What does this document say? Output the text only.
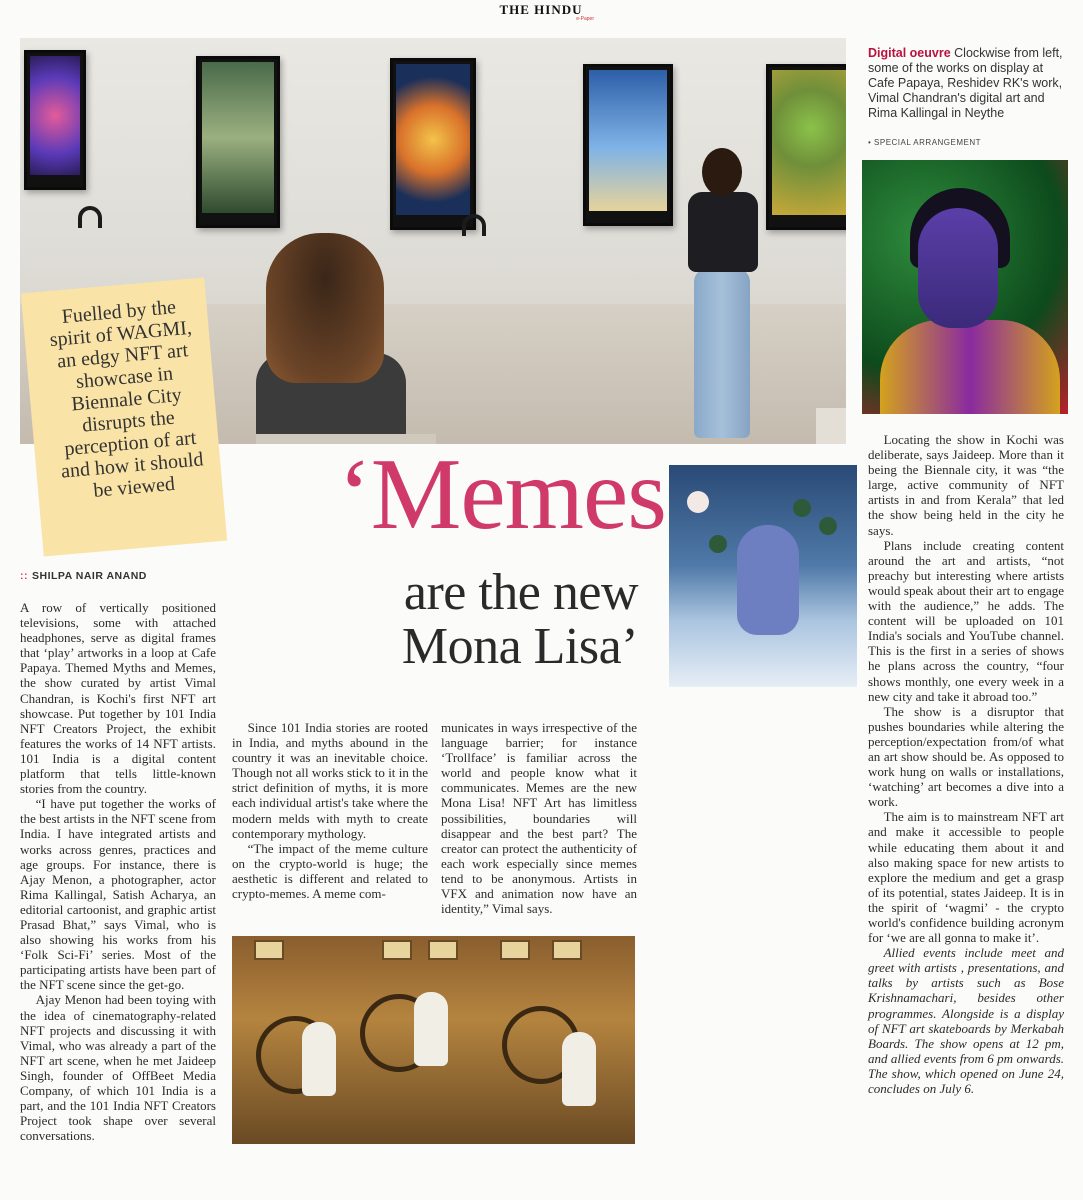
THE HINDU
e-Paper
Digital oeuvre Clockwise from left, some of the works on display at Cafe Papaya, Reshidev RK's work, Vimal Chandran's digital art and Rima Kallingal in Neythe
• SPECIAL ARRANGEMENT
Fuelled by the spirit of WAGMI, an edgy NFT art showcase in Biennale City disrupts the perception of art and how it should be viewed	‘Memes
are the new Mona Lisa’
:: SHILPA NAIR ANAND

A row of vertically positioned televisions, some with attached headphones, serve as digital frames that ‘play’ artworks in a loop at Cafe Papaya. Themed Myths and Memes, the show curated by artist Vimal Chandran, is Kochi's first NFT art showcase. Put together by 101 India NFT Creators Project, the exhibit features the works of 14 NFT artists. 101 India is a digital content platform that tells little-known stories from the country.

“I have put together the works of the best artists in the NFT scene from India. I have integrated artists and works across genres, practices and age groups. For instance, there is Ajay Menon, a photographer, actor Rima Kallingal, Satish Acharya, an editorial cartoonist, and graphic artist Prasad Bhat,” says Vimal, who is also showing his works from his ‘Folk Sci-Fi’ series. Most of the participating artists have been part of the NFT scene since the get-go.

Ajay Menon had been toying with the idea of cinematography-related NFT projects and discussing it with Vimal, who was already a part of the NFT art scene, when he met Jaideep Singh, founder of OffBeet Media Company, of which 101 India is a part, and the 101 India NFT Creators Project took shape over several conversations.

Since 101 India stories are rooted in India, and myths abound in the country it was an inevitable choice. Though not all works stick to it in the strict definition of myths, it is more each individual artist's take where the modern melds with myth to create contemporary mythology.

“The impact of the meme culture on the crypto-world is huge; the aesthetic is different and related to crypto-memes. A meme com-

municates in ways irrespective of the language barrier; for instance ‘Trollface’ is familiar across the world and people know what it communicates. Memes are the new Mona Lisa! NFT Art has limitless possibilities, boundaries will disappear and the best part? The creator can protect the authenticity of each work especially since memes tend to be anonymous. Artists in VFX and animation now have an identity,” Vimal says.

Locating the show in Kochi was deliberate, says Jaideep. More than it being the Biennale city, it was “the large, active community of NFT artists in and from Kerala” that led the show being held in the city he says.

Plans include creating content around the art and artists, “not preachy but interesting where artists would speak about their art to engage with the audience,” he adds. The content will be uploaded on 101 India's socials and YouTube channel. This is the first in a series of shows he plans across the country, “four shows monthly, one every week in a new city and take it abroad too.”

The show is a disruptor that pushes boundaries while altering the perception/expectation from/of what an art show should be. As opposed to work hung on walls or installations, ‘watching’ art becomes a dive into a work.

The aim is to mainstream NFT art and make it accessible to people while educating them about it and also making space for new artists to explore the medium and get a grasp of its potential, states Jaideep. It is in the spirit of ‘wagmi’ - the crypto world's confidence building acronym for ‘we are all gonna to make it’.

Allied events include meet and greet with artists , presentations, and talks by artists such as Bose Krishnamachari, besides other programmes. Alongside is a display of NFT art skateboards by Merkabah Boards. The show opens at 12 pm, and allied events from 6 pm onwards. The show, which opened on June 24, concludes on July 6.
